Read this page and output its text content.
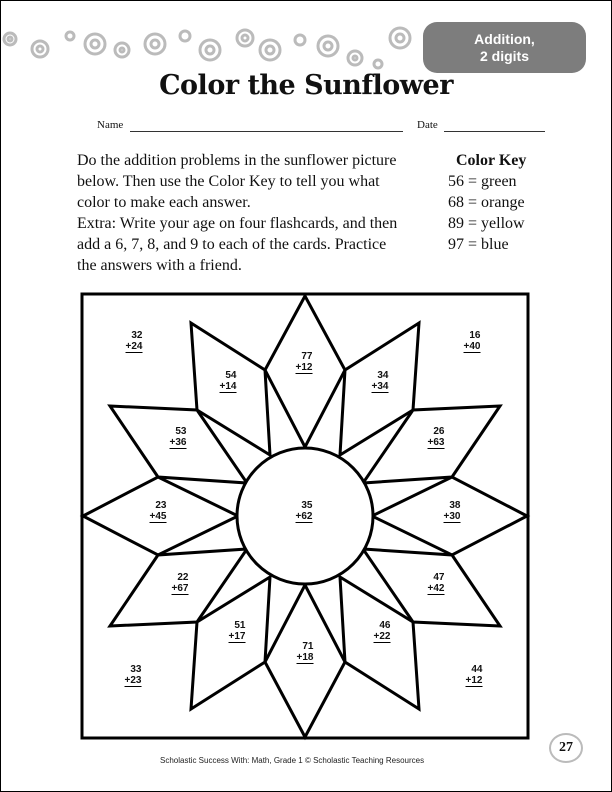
Addition,
2 digits
Color the Sunflower
Name	Date
Do the addition problems in the sunflower picture
below. Then use the Color Key to tell you what
color to make each answer.
Extra: Write your age on four flashcards, and then
add a 6, 7, 8, and 9 to each of the cards. Practice
the answers with a friend.
Color Key
56 = green
68 = orange
89 = yellow
97 = blue
32
+24
16
+40
54
+14
77
+12
34
+34
53
+36
26
+63
23
+45
35
+62
38
+30
22
+67
47
+42
51
+17
71
+18
46
+22
33
+23
44
+12
Scholastic Success With: Math, Grade 1 © Scholastic Teaching Resources
27
